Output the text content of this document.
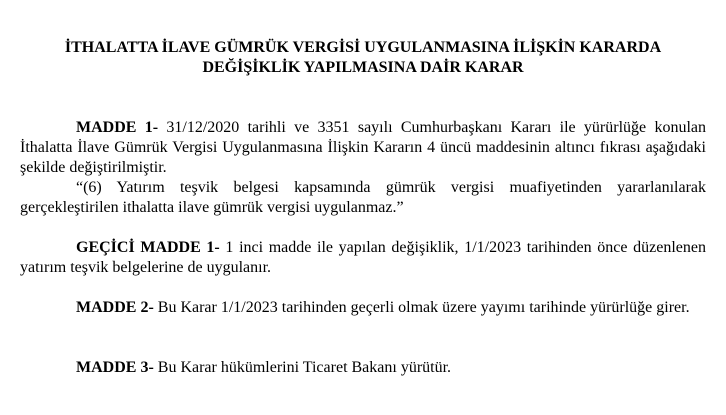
İTHALATTA İLAVE GÜMRÜK VERGİSİ UYGULANMASINA İLİŞKİN KARARDA
DEĞİŞİKLİK YAPILMASINA DAİR KARAR

MADDE 1- 31/12/2020 tarihli ve 3351 sayılı Cumhurbaşkanı Kararı ile yürürlüğe konulan İthalatta İlave Gümrük Vergisi Uygulanmasına İlişkin Kararın 4 üncü maddesinin altıncı fıkrası aşağıdaki şekilde değiştirilmiştir.

“(6) Yatırım teşvik belgesi kapsamında gümrük vergisi muafiyetinden yararlanılarak gerçekleştirilen ithalatta ilave gümrük vergisi uygulanmaz.”

GEÇİCİ MADDE 1- 1 inci madde ile yapılan değişiklik, 1/1/2023 tarihinden önce düzenlenen yatırım teşvik belgelerine de uygulanır.

MADDE 2- Bu Karar 1/1/2023 tarihinden geçerli olmak üzere yayımı tarihinde yürürlüğe girer.

MADDE 3- Bu Karar hükümlerini Ticaret Bakanı yürütür.
